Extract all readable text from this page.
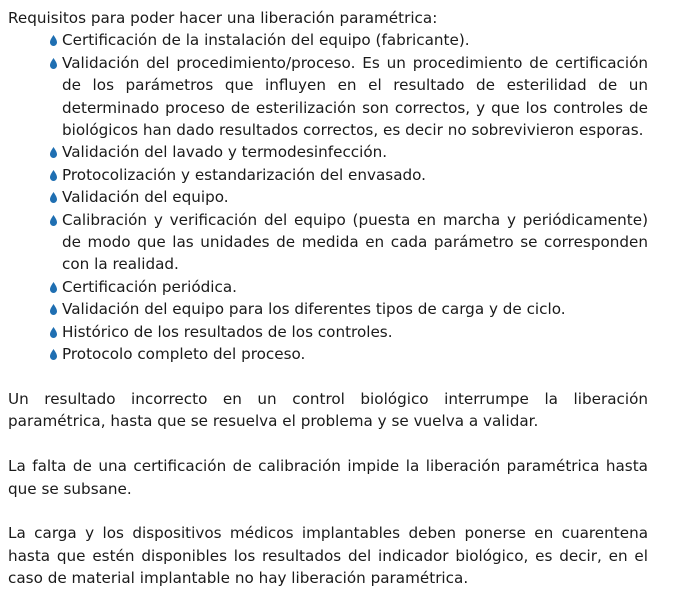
Requisitos para poder hacer una liberación paramétrica:

Certificación de la instalación del equipo (fabricante).
Validación del procedimiento/proceso. Es un procedimiento de certificación de los parámetros que influyen en el resultado de esterilidad de un determinado proceso de esterilización son correctos, y que los controles de biológicos han dado resultados correctos, es decir no sobrevivieron esporas.
Validación del lavado y termodesinfección.
Protocolización y estandarización del envasado.
Validación del equipo.
Calibración y verificación del equipo (puesta en marcha y periódicamente) de modo que las unidades de medida en cada parámetro se corresponden con la realidad.
Certificación periódica.
Validación del equipo para los diferentes tipos de carga y de ciclo.
Histórico de los resultados de los controles.
Protocolo completo del proceso.

Un resultado incorrecto en un control biológico interrumpe la liberación paramétrica, hasta que se resuelva el problema y se vuelva a validar.

La falta de una certificación de calibración impide la liberación paramétrica hasta que se subsane.

La carga y los dispositivos médicos implantables deben ponerse en cuarentena hasta que estén disponibles los resultados del indicador biológico, es decir, en el caso de material implantable no hay liberación paramétrica.
